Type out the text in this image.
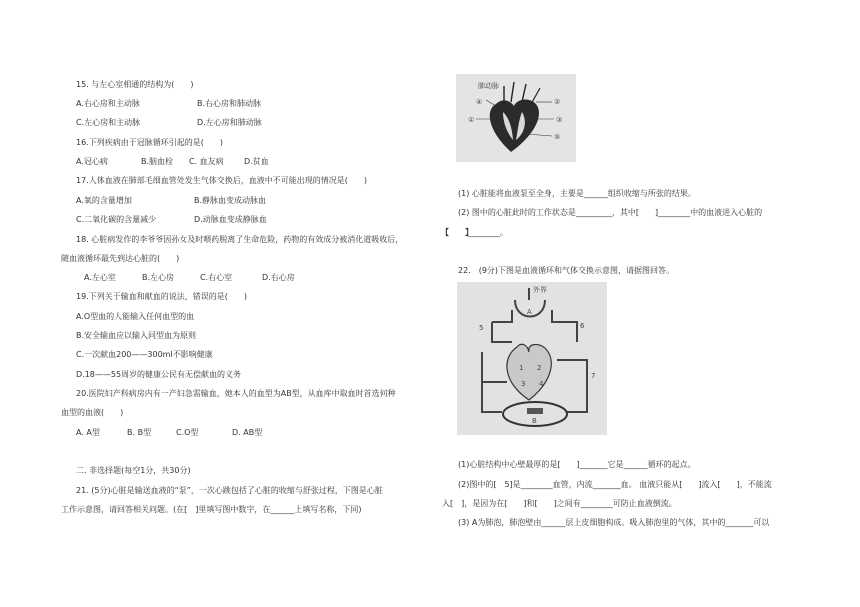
15. 与左心室相通的结构为(　　)
A.右心房和主动脉	B.右心房和肺动脉
C.左心房和主动脉	D.左心房和肺动脉
16.下列疾病由于冠脉循环引起的是(　　)
A.冠心病	B.脑血栓 C. 血友病	D.贫血
17.人体血液在肺部毛细血管处发生气体交换后，血液中不可能出现的情况是(　　)
A.氧的含量增加	B.静脉血变成动脉血
C.二氧化碳的含量减少	D.动脉血变成静脉血
18. 心脏病发作的李爷爷因孙女及时喂药脱离了生命危险，药物的有效成分被消化道吸收后，
随血液循环最先到达心脏的(　　)
A.左心室	B.左心房	C.右心室	D.右心房
19.下列关于输血和献血的说法，错误的是(　　)
A.O型血的人能输入任何血型的血
B.安全输血应以输入同型血为原则
C.一次献血200——300ml不影响健康
D.18——55周岁的健康公民有无偿献血的义务
20.医院妇产科病房内有一产妇急需输血，她本人的血型为AB型，从血库中取血时首选何种
血型的血液(　　)
A. A型	B. B型	C.O型	D. AB型
二. 非选择题(每空1分，共30分)
21. (5分)心脏是输送血液的“泵”，一次心跳包括了心脏的收缩与舒张过程，下图是心脏
工作示意图，请回答相关问题。(在[　]里填写图中数字，在______上填写名称，下同)
肺动脉
①
②
③
④
⑤
(1) 心脏能将血液泵至全身，主要是______组织收缩与所张的结果。
(2) 图中的心脏此时的工作状态是_________，其中[　　]________中的血液进入心脏的
【　　】
________。
22.　(9分)下图是血液循环和气体交换示意图，请据图回答。
外界
A
1 2
3 4
5	6
7
B
(1)心脏结构中心壁最厚的是[　　]_______它是______循环的起点。
(2)图中的[　5]是________血管，内流_______血。 血液只能从[　　]流入[　　]，不能流
入[　]，是因为在[　　]和[　　]之间有________可防止血液倒流。
(3) A为肺泡，肺泡壁由______层上皮细胞构成。吸入肺泡里的气体，其中的_______可以
